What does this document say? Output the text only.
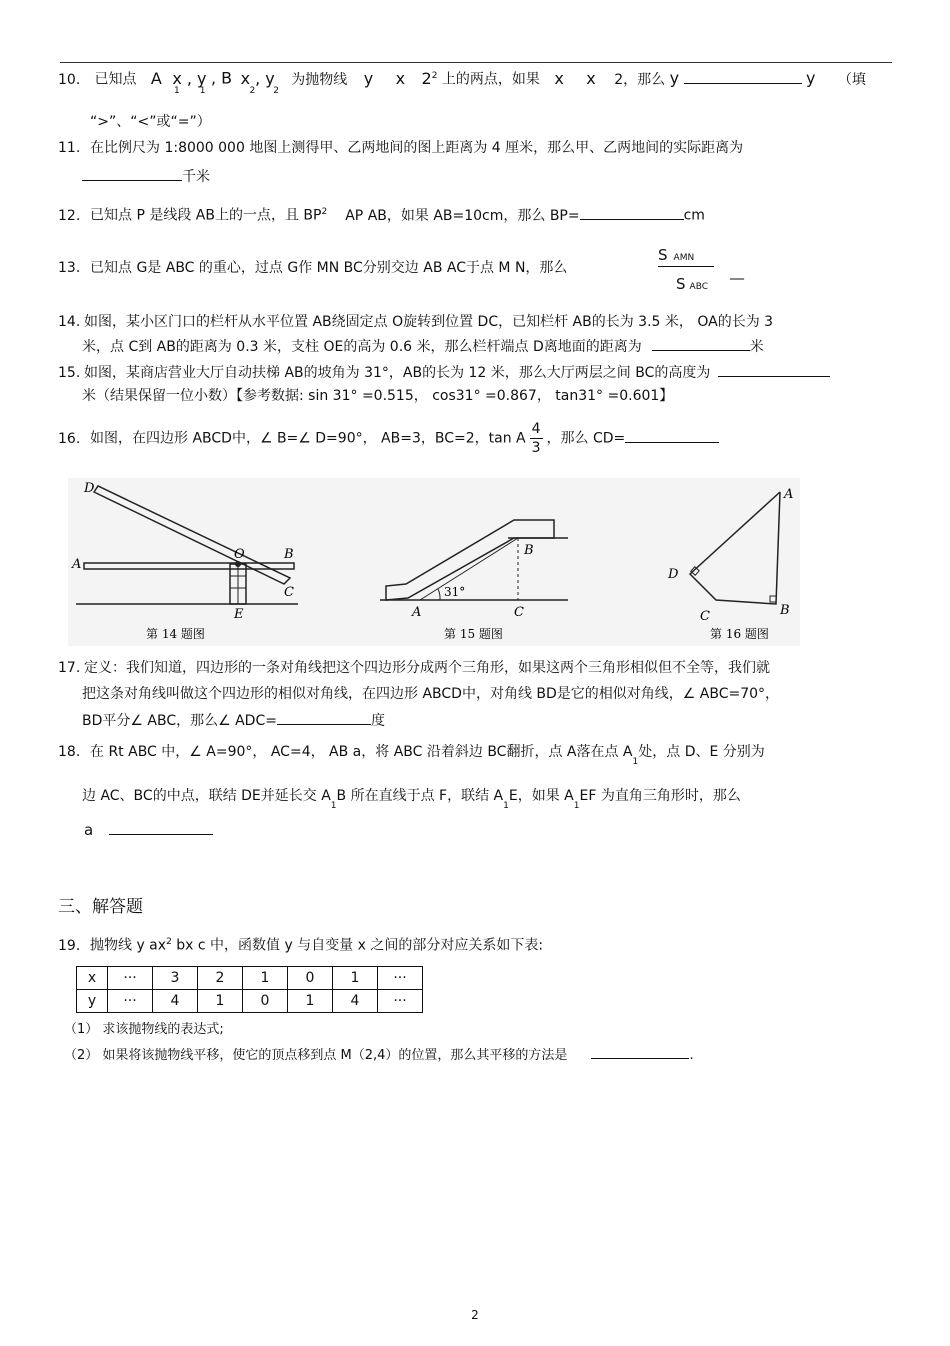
10. 已知点 A x , y , B x , y 为抛物线 y x $2^2$ 上的两点，如果 x x 2，那么 y	y （填
1 1	2 2
“>”、“<”或“=”）
11. 在比例尺为 1:8000 000 地图上测得甲、乙两地间的图上距离为 4 厘米，那么甲、乙两地间的实际距离为
千米
12. 已知点 P 是线段 AB上的一点，且 $BP^2$ AP AB，如果 AB=10cm，那么 BP=	cm
13. 已知点 G是 ABC 的重心，过点 G作 MN BC分别交边 AB AC于点 M N，那么
SAMN
SABC
__
14. 如图，某小区门口的栏杆从水平位置 AB绕固定点 O旋转到位置 DC，已知栏杆 AB的长为 3.5 米， OA的长为 3
米，点 C到 AB的距离为 0.3 米，支柱 OE的高为 0.6 米，那么栏杆端点 D离地面的距离为	米
15. 如图，某商店营业大厅自动扶梯 AB的坡角为 31°，AB的长为 12 米，那么大厅两层之间 BC的高度为
米（结果保留一位小数）【参考数据: sin 31° =0.515， cos31° =0.867， tan31° =0.601】
16. 如图，在四边形 ABCD中，∠ B=∠ D=90°， AB=3，BC=2，tan A $\frac{4}{3}$ ，那么 CD=
D
A
O	B
C
E
第 14 题图
31°
A
B
C
第 15 题图
A
B
C
D
第 16 题图
17. 定义：我们知道，四边形的一条对角线把这个四边形分成两个三角形，如果这两个三角形相似但不全等，我们就
把这条对角线叫做这个四边形的相似对角线，在四边形 ABCD中，对角线 BD是它的相似对角线，∠ ABC=70°，
BD平分∠ ABC，那么∠ ADC=	度
18. 在 Rt ABC 中，∠ A=90°， AC=4， AB a，将 ABC 沿着斜边 BC翻折，点 A落在点 $A_1$处，点 D、E 分别为
边 AC、BC的中点，联结 DE并延长交 $A_1B$ 所在直线于点 F，联结 $A_1E$，如果 $A_1EF$ 为直角三角形时，那么
a
三、解答题
19. 抛物线 y $ax^2$ bx c 中，函数值 y 与自变量 x 之间的部分对应关系如下表:
x	···	3	2	1	0	1	···
y	···	4	1	0	1	4	···
（1） 求该抛物线的表达式;
（2） 如果将该抛物线平移，使它的顶点移到点 M（2,4）的位置，那么其平移的方法是	.
2
